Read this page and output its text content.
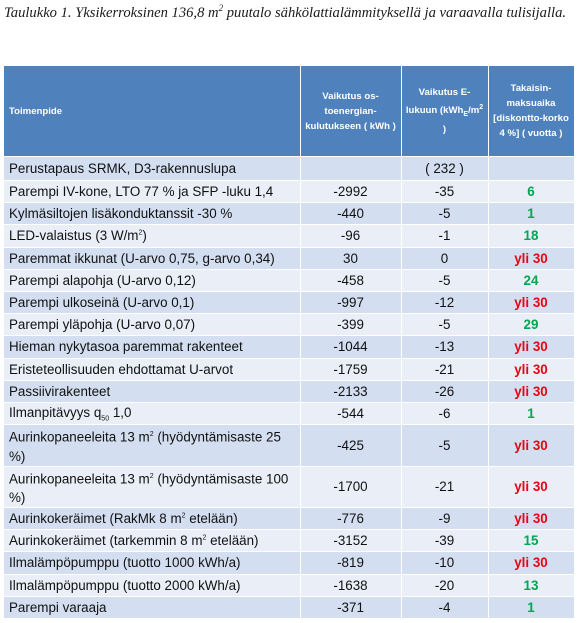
Taulukko 1. Yksikerroksinen 136,8 $m^2$ puutalo sähkölattialämmityksellä ja varaavalla tulisijalla.
Toimenpide	Vaikutus os-toenergian-kulutukseen ( kWh )	Vaikutus E-lukuun ($kWh_E/m^2$ )	Takaisin-maksuaika [diskontto-korko 4 %] ( vuotta )
Perustapaus SRMK, D3-rakennuslupa		( 232 )	
Parempi IV-kone, LTO 77 % ja SFP -luku 1,4	-2992	-35	6
Kylmäsiltojen lisäkonduktanssit -30 %	-440	-5	1
LED-valaistus (3 $W/m^2$)	-96	-1	18
Paremmat ikkunat (U-arvo 0,75, g-arvo 0,34)	30	0	yli 30
Parempi alapohja (U-arvo 0,12)	-458	-5	24
Parempi ulkoseinä (U-arvo 0,1)	-997	-12	yli 30
Parempi yläpohja (U-arvo 0,07)	-399	-5	29
Hieman nykytasoa paremmat rakenteet	-1044	-13	yli 30
Eristeteollisuuden ehdottamat U-arvot	-1759	-21	yli 30
Passiivirakenteet	-2133	-26	yli 30
Ilmanpitävyys $q_{50}$ 1,0	-544	-6	1
Aurinkopaneeleita 13 $m^2$ (hyödyntämisaste 25 %)	-425	-5	yli 30
Aurinkopaneeleita 13 $m^2$ (hyödyntämisaste 100 %)	-1700	-21	yli 30
Aurinkokeräimet (RakMk 8 $m^2$ etelään)	-776	-9	yli 30
Aurinkokeräimet (tarkemmin 8 $m^2$ etelään)	-3152	-39	15
Ilmalämpöpumppu (tuotto 1000 kWh/a)	-819	-10	yli 30
Ilmalämpöpumppu (tuotto 2000 kWh/a)	-1638	-20	13
Parempi varaaja	-371	-4	1
